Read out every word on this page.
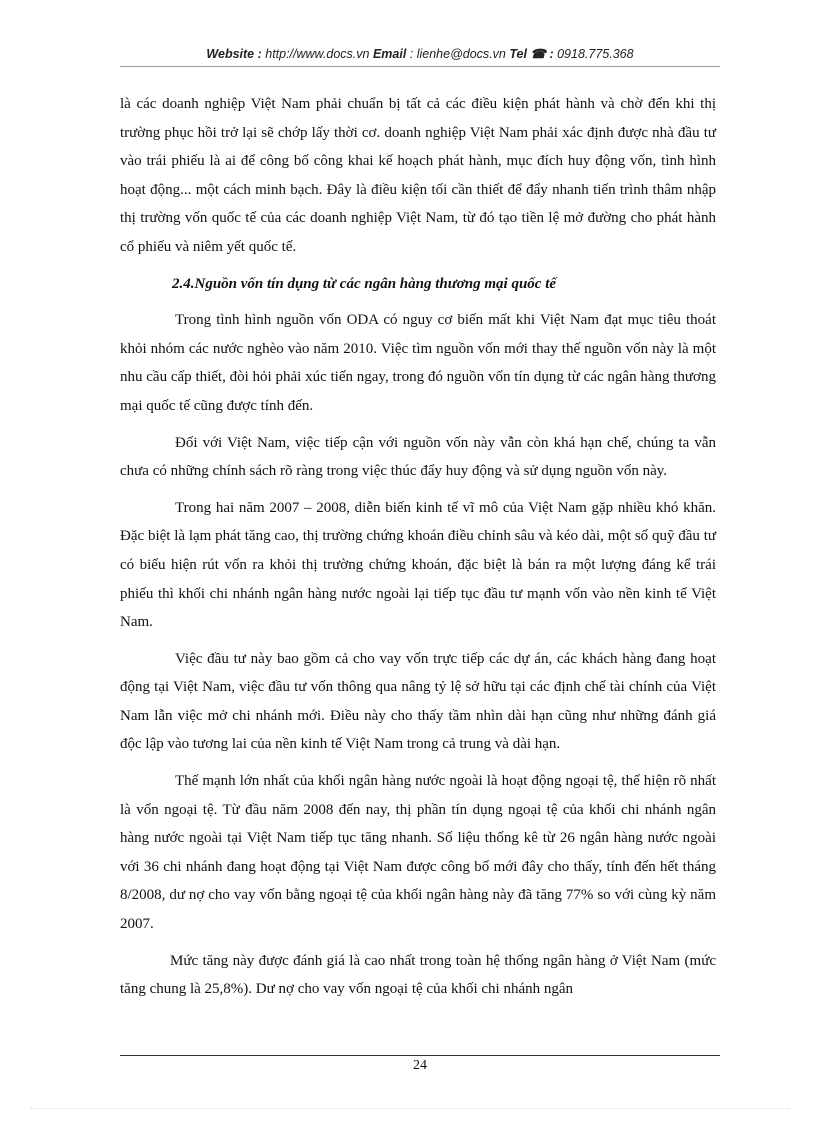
Website : http://www.docs.vn Email : lienhe@docs.vn Tel ☎ : 0918.775.368

là các doanh nghiệp Việt Nam phải chuẩn bị tất cả các điều kiện phát hành và chờ đến khi thị trường phục hồi trở lại sẽ chớp lấy thời cơ. doanh nghiệp Việt Nam phải xác định được nhà đầu tư vào trái phiếu là ai để công bố công khai kế hoạch phát hành, mục đích huy động vốn, tình hình hoạt động... một cách minh bạch. Đây là điều kiện tối cần thiết để đẩy nhanh tiến trình thâm nhập thị trường vốn quốc tế của các doanh nghiệp Việt Nam, từ đó tạo tiền lệ mở đường cho phát hành cổ phiếu và niêm yết quốc tế.

2.4.Nguồn vốn tín dụng từ các ngân hàng thương mại quốc tế

Trong tình hình nguồn vốn ODA có nguy cơ biến mất khi Việt Nam đạt mục tiêu thoát khỏi nhóm các nước nghèo vào năm 2010. Việc tìm nguồn vốn mới thay thế nguồn vốn này là một nhu cầu cấp thiết, đòi hỏi phải xúc tiến ngay, trong đó nguồn vốn tín dụng từ các ngân hàng thương mại quốc tế cũng được tính đến.

Đối với Việt Nam, việc tiếp cận với nguồn vốn này vẫn còn khá hạn chế, chúng ta vẫn chưa có những chính sách rõ ràng trong việc thúc đẩy huy động và sử dụng nguồn vốn này.

Trong hai năm 2007 – 2008, diễn biến kinh tế vĩ mô của Việt Nam gặp nhiều khó khăn. Đặc biệt là lạm phát tăng cao, thị trường chứng khoán điều chỉnh sâu và kéo dài, một số quỹ đầu tư có biểu hiện rút vốn ra khỏi thị trường chứng khoán, đặc biệt là bán ra một lượng đáng kể trái phiếu thì khối chi nhánh ngân hàng nước ngoài lại tiếp tục đầu tư mạnh vốn vào nền kinh tế Việt Nam.

Việc đầu tư này bao gồm cả cho vay vốn trực tiếp các dự án, các khách hàng đang hoạt động tại Việt Nam, việc đầu tư vốn thông qua nâng tỷ lệ sở hữu tại các định chế tài chính của Việt Nam lẫn việc mở chi nhánh mới. Điều này cho thấy tầm nhìn dài hạn cũng như những đánh giá độc lập vào tương lai của nền kinh tế Việt Nam trong cả trung và dài hạn.

Thế mạnh lớn nhất của khối ngân hàng nước ngoài là hoạt động ngoại tệ, thể hiện rõ nhất là vốn ngoại tệ. Từ đầu năm 2008 đến nay, thị phần tín dụng ngoại tệ của khối chi nhánh ngân hàng nước ngoài tại Việt Nam tiếp tục tăng nhanh. Số liệu thống kê từ 26 ngân hàng nước ngoài với 36 chi nhánh đang hoạt động tại Việt Nam được công bố mới đây cho thấy, tính đến hết tháng 8/2008, dư nợ cho vay vốn bằng ngoại tệ của khối ngân hàng này đã tăng 77% so với cùng kỳ năm 2007.

Mức tăng này được đánh giá là cao nhất trong toàn hệ thống ngân hàng ở Việt Nam (mức tăng chung là 25,8%). Dư nợ cho vay vốn ngoại tệ của khối chi nhánh ngân

24
